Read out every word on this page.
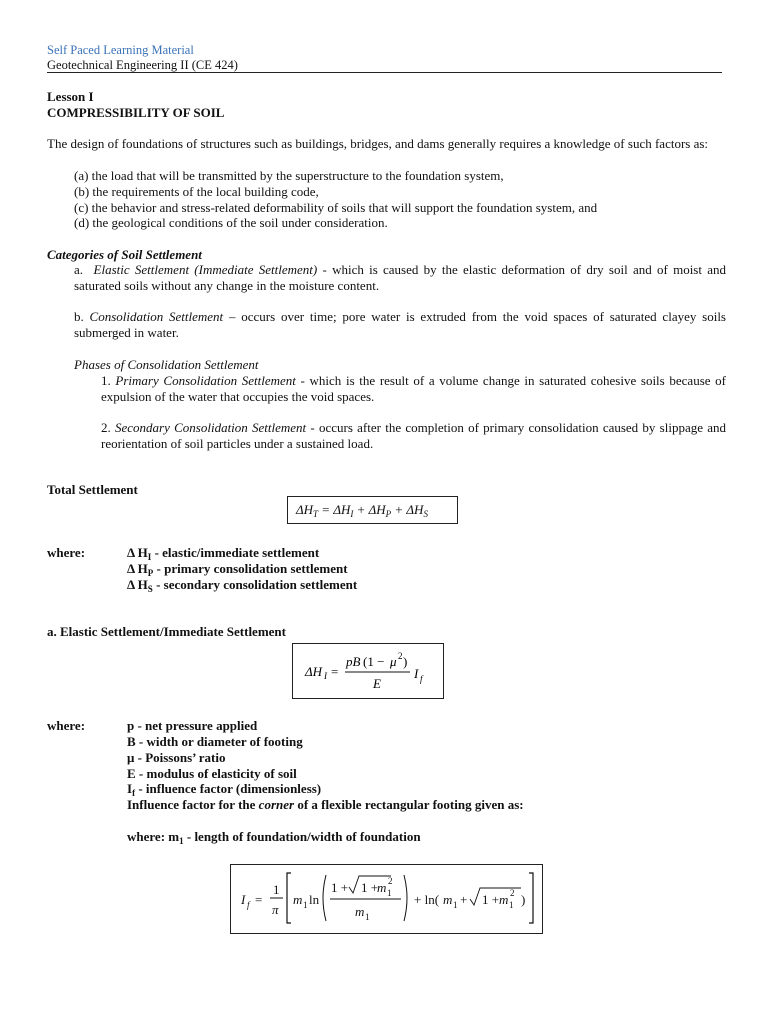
Self Paced Learning Material
Geotechnical Engineering II (CE 424)
Lesson I
COMPRESSIBILITY OF SOIL
The design of foundations of structures such as buildings, bridges, and dams generally requires a knowledge of such factors as:
(a) the load that will be transmitted by the superstructure to the foundation system,
(b) the requirements of the local building code,
(c) the behavior and stress-related deformability of soils that will support the foundation system, and
(d) the geological conditions of the soil under consideration.
Categories of Soil Settlement
a. Elastic Settlement (Immediate Settlement) - which is caused by the elastic deformation of dry soil and of moist and saturated soils without any change in the moisture content.
b. Consolidation Settlement – occurs over time; pore water is extruded from the void spaces of saturated clayey soils submerged in water.
Phases of Consolidation Settlement
1. Primary Consolidation Settlement - which is the result of a volume change in saturated cohesive soils because of expulsion of the water that occupies the void spaces.
2. Secondary Consolidation Settlement - occurs after the completion of primary consolidation caused by slippage and reorientation of soil particles under a sustained load.
Total Settlement
$\Delta H_T = \Delta H_I + \Delta H_P + \Delta H_S$
where:	Δ $H_I$ - elastic/immediate settlement
Δ $H_P$ - primary consolidation settlement
Δ $H_S$ - secondary consolidation settlement
a. Elastic Settlement/Immediate Settlement
ΔH I =
pB (1 − μ 2 )
E
I f
where:	p - net pressure applied
B - width or diameter of footing
μ - Poissons’ ratio
E - modulus of elasticity of soil
$I_f$ - influence factor (dimensionless)
Influence factor for the corner of a flexible rectangular footing given as:
where: $m_1$ - length of foundation/width of foundation
I f =
1
π
m 1 ln
1 + 1 +
m 1
2
m 1
+ ln( m 1 + 1 + m 1
2 )
